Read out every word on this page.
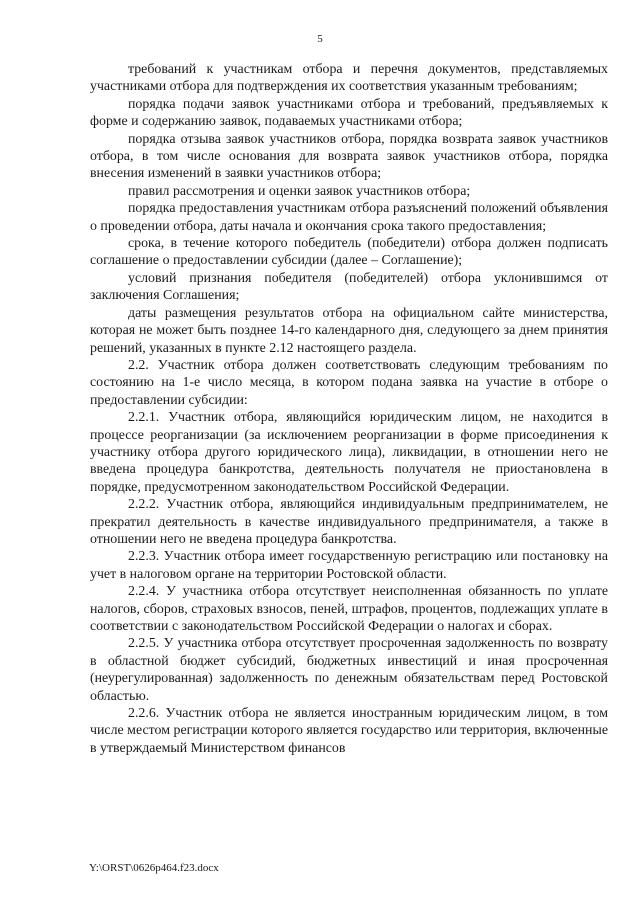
5

требований к участникам отбора и перечня документов, представляемых участниками отбора для подтверждения их соответствия указанным требованиям;

порядка подачи заявок участниками отбора и требований, предъявляемых к форме и содержанию заявок, подаваемых участниками отбора;

порядка отзыва заявок участников отбора, порядка возврата заявок участников отбора, в том числе основания для возврата заявок участников отбора, порядка внесения изменений в заявки участников отбора;

правил рассмотрения и оценки заявок участников отбора;

порядка предоставления участникам отбора разъяснений положений объявления о проведении отбора, даты начала и окончания срока такого предоставления;

срока, в течение которого победитель (победители) отбора должен подписать соглашение о предоставлении субсидии (далее – Соглашение);

условий признания победителя (победителей) отбора уклонившимся от заключения Соглашения;

даты размещения результатов отбора на официальном сайте министерства, которая не может быть позднее 14-го календарного дня, следующего за днем принятия решений, указанных в пункте 2.12 настоящего раздела.

2.2. Участник отбора должен соответствовать следующим требованиям по состоянию на 1-е число месяца, в котором подана заявка на участие в отборе о предоставлении субсидии:

2.2.1. Участник отбора, являющийся юридическим лицом, не находится в процессе реорганизации (за исключением реорганизации в форме присоединения к участнику отбора другого юридического лица), ликвидации, в отношении него не введена процедура банкротства, деятельность получателя не приостановлена в порядке, предусмотренном законодательством Российской Федерации.

2.2.2. Участник отбора, являющийся индивидуальным предпринимателем, не прекратил деятельность в качестве индивидуального предпринимателя, а также в отношении него не введена процедура банкротства.

2.2.3. Участник отбора имеет государственную регистрацию или постановку на учет в налоговом органе на территории Ростовской области.

2.2.4. У участника отбора отсутствует неисполненная обязанность по уплате налогов, сборов, страховых взносов, пеней, штрафов, процентов, подлежащих уплате в соответствии с законодательством Российской Федерации о налогах и сборах.

2.2.5. У участника отбора отсутствует просроченная задолженность по возврату в областной бюджет субсидий, бюджетных инвестиций и иная просроченная (неурегулированная) задолженность по денежным обязательствам перед Ростовской областью.

2.2.6. Участник отбора не является иностранным юридическим лицом, в том числе местом регистрации которого является государство или территория, включенные в утверждаемый Министерством финансов

Y:\ORST\0626p464.f23.docx
